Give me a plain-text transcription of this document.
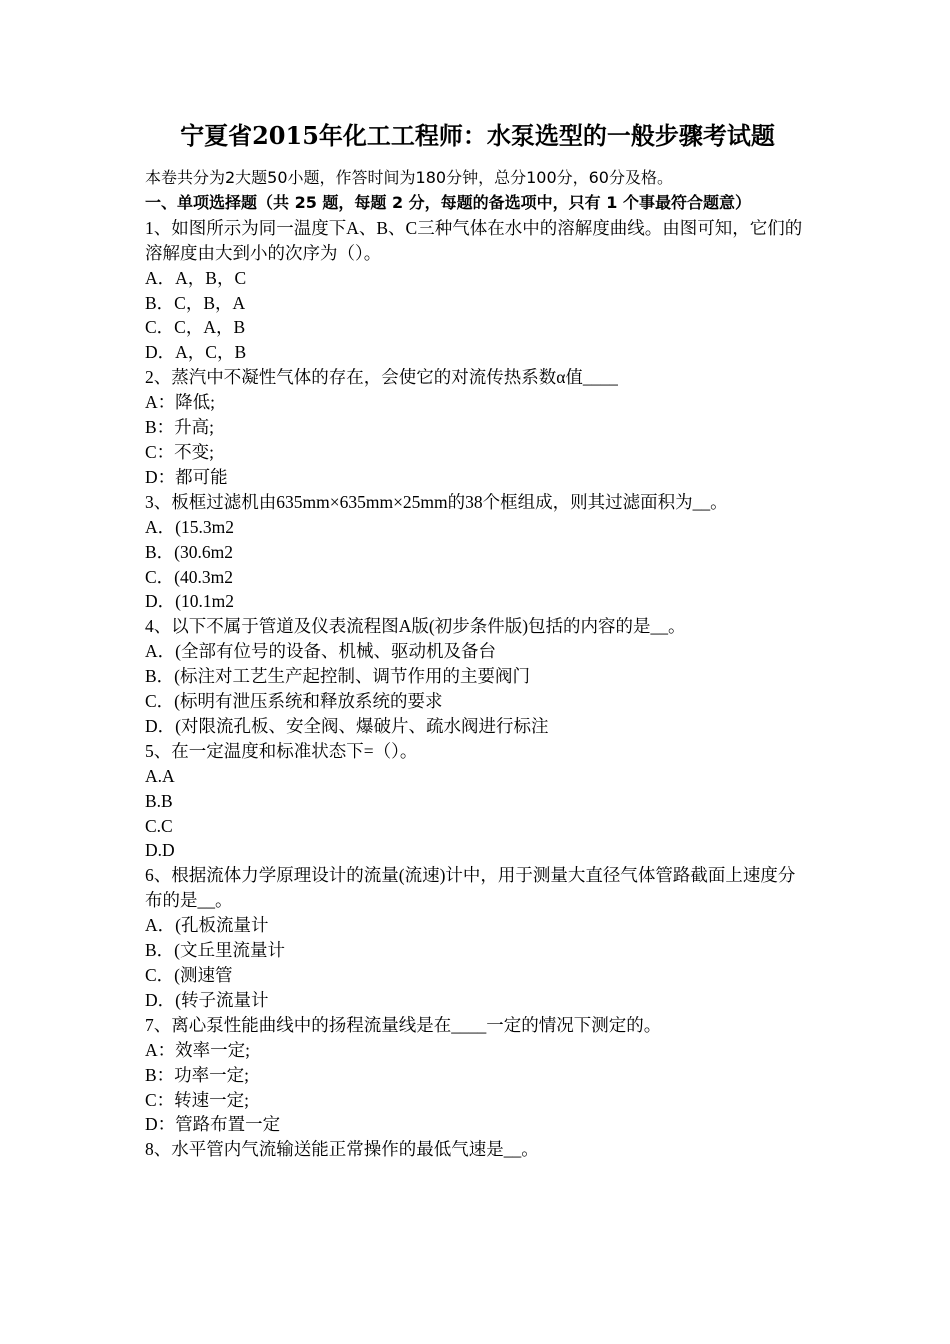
宁夏省2015年化工工程师：水泵选型的一般步骤考试题

本卷共分为2大题50小题，作答时间为180分钟，总分100分，60分及格。

一、单项选择题（共 25 题，每题 2 分，每题的备选项中，只有 1 个事最符合题意）

1、如图所示为同一温度下A、B、C三种气体在水中的溶解度曲线。由图可知，它们的溶解度由大到小的次序为（）。

A．A，B，C

B．C，B，A

C．C，A，B

D．A，C，B

2、蒸汽中不凝性气体的存在，会使它的对流传热系数α值____

A：降低;

B：升高;

C：不变;

D：都可能

3、板框过滤机由635mm×635mm×25mm的38个框组成，则其过滤面积为__。

A．(15.3m2

B．(30.6m2

C．(40.3m2

D．(10.1m2

4、以下不属于管道及仪表流程图A版(初步条件版)包括的内容的是__。

A．(全部有位号的设备、机械、驱动机及备台

B．(标注对工艺生产起控制、调节作用的主要阀门

C．(标明有泄压系统和释放系统的要求

D．(对限流孔板、安全阀、爆破片、疏水阀进行标注

5、在一定温度和标准状态下=（）。

A.A

B.B

C.C

D.D

6、根据流体力学原理设计的流量(流速)计中，用于测量大直径气体管路截面上速度分布的是__。

A．(孔板流量计

B．(文丘里流量计

C．(测速管

D．(转子流量计

7、离心泵性能曲线中的扬程流量线是在____一定的情况下测定的。

A：效率一定;

B：功率一定;

C：转速一定;

D：管路布置一定

8、水平管内气流输送能正常操作的最低气速是__。
